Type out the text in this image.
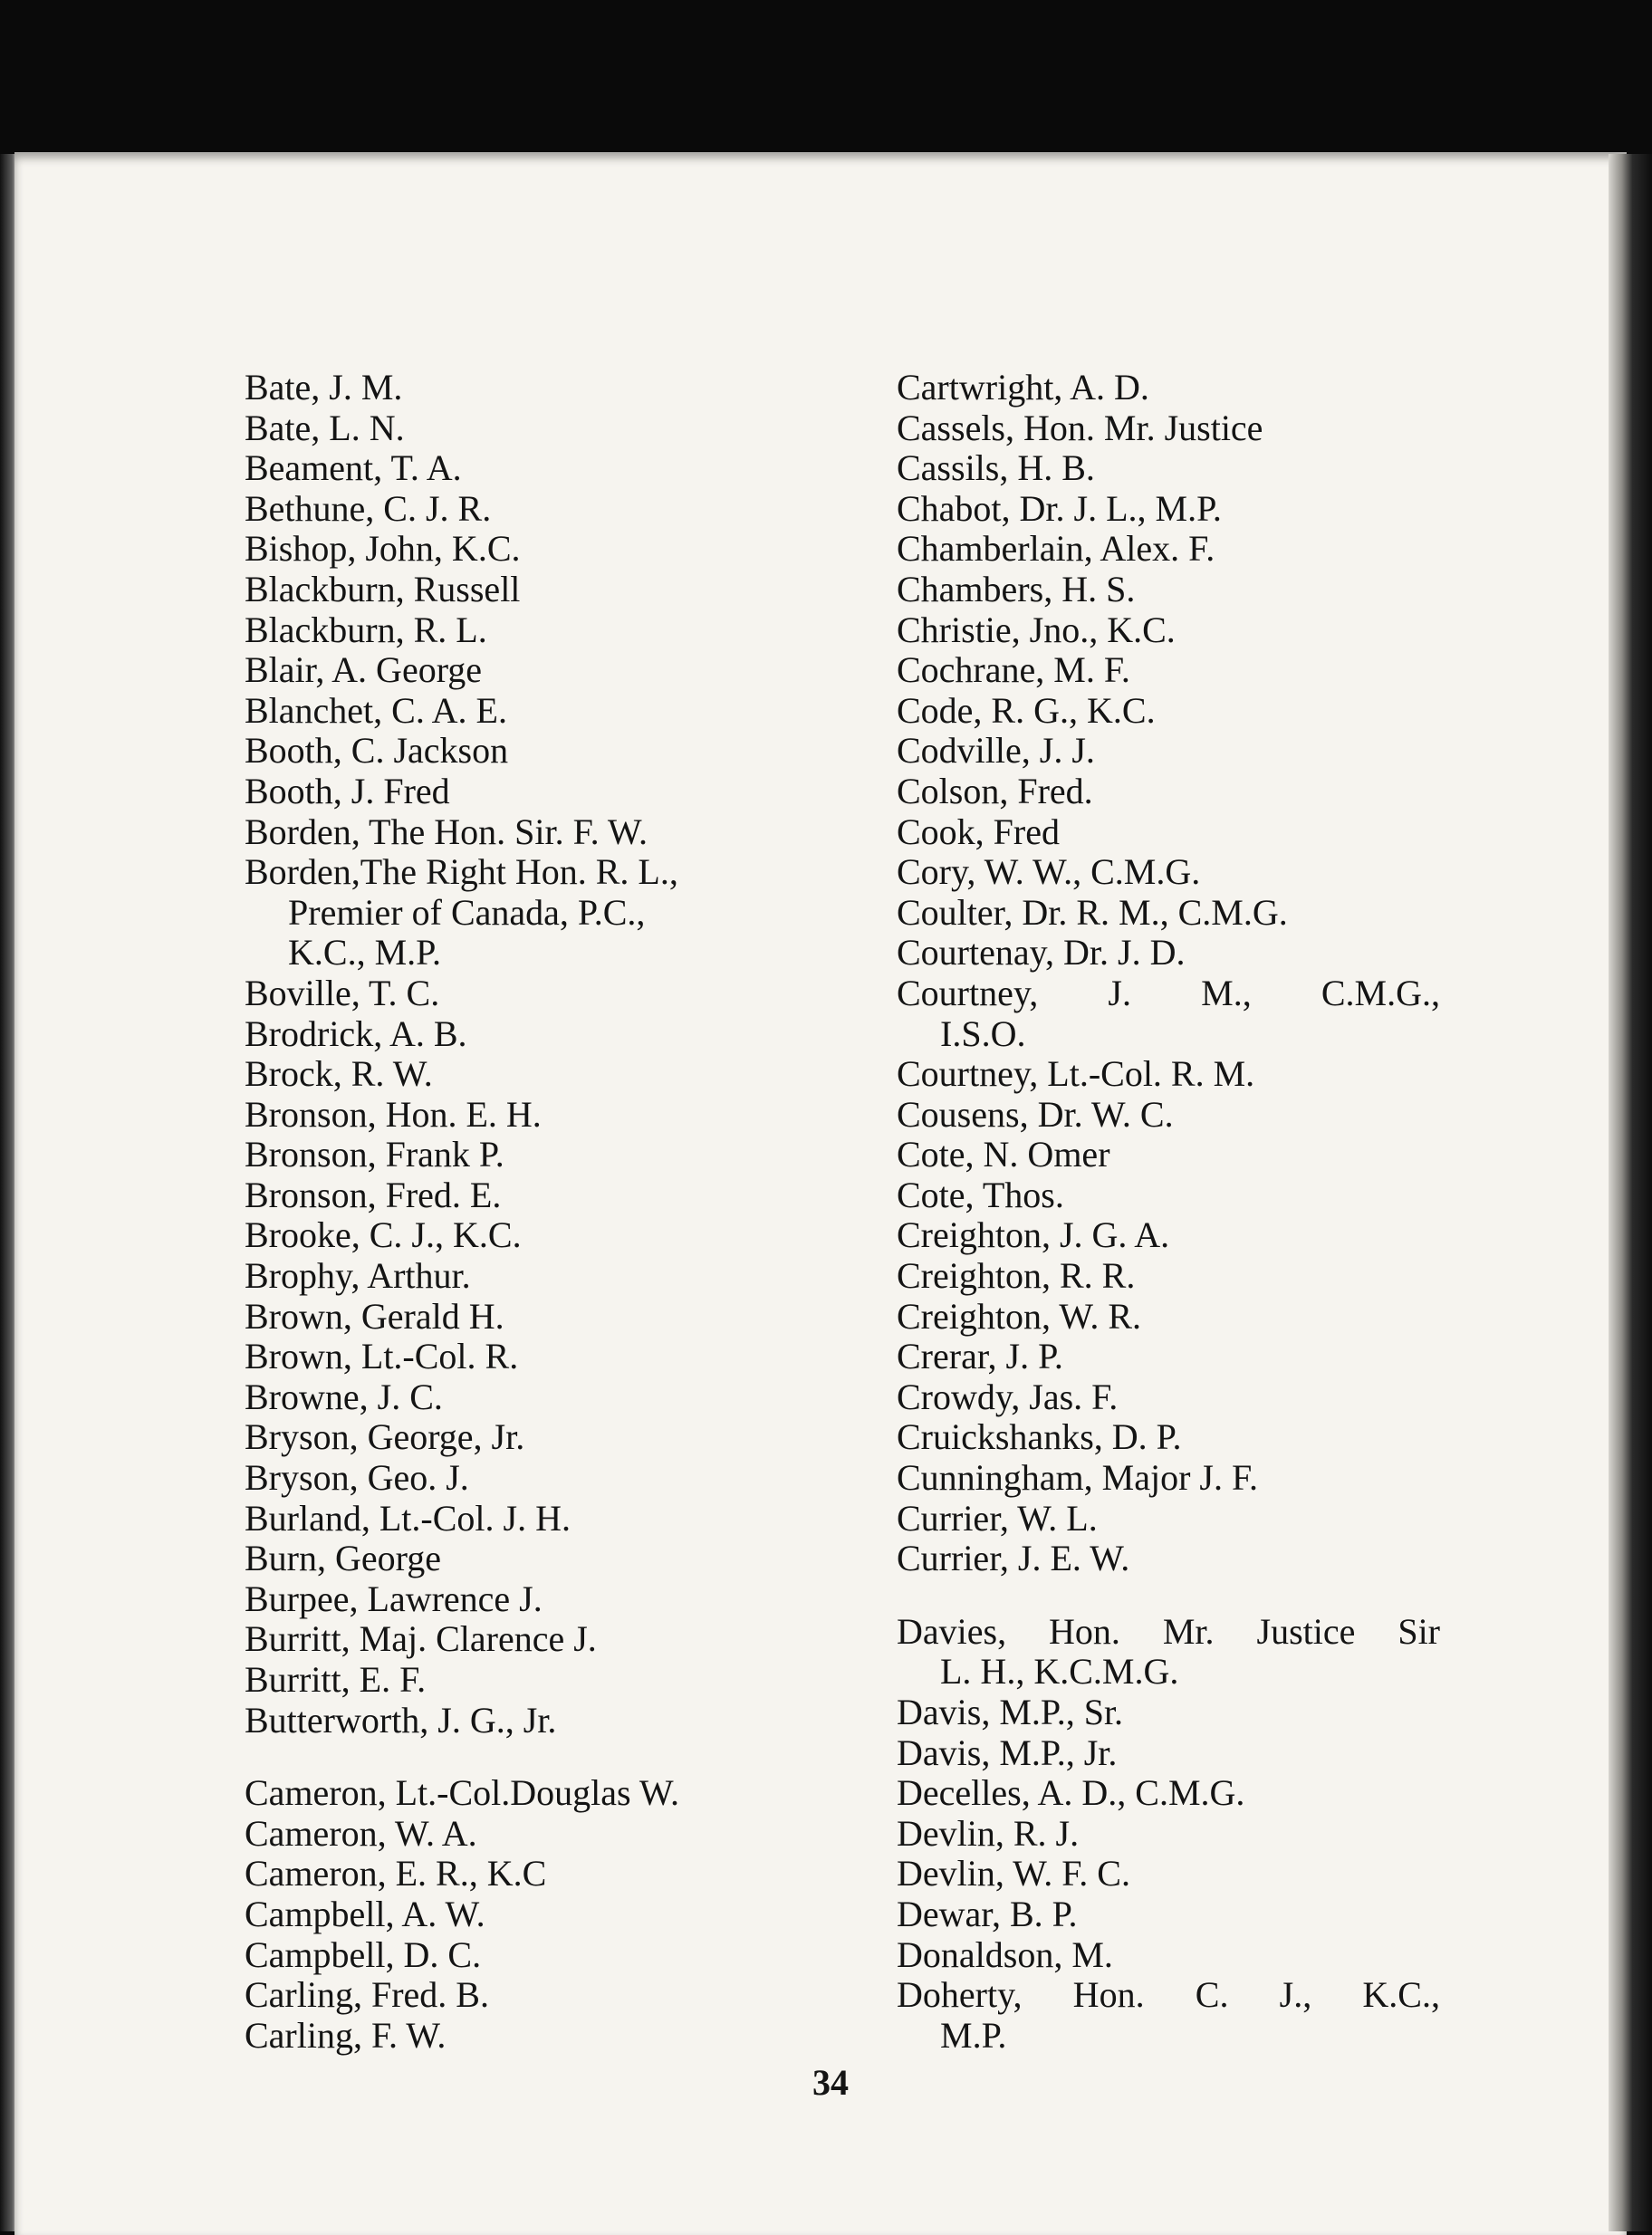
Bate, J. M.
Bate, L. N.
Beament, T. A.
Bethune, C. J. R.
Bishop, John, K.C.
Blackburn, Russell
Blackburn, R. L.
Blair, A. George
Blanchet, C. A. E.
Booth, C. Jackson
Booth, J. Fred
Borden, The Hon. Sir. F. W.
Borden,The Right Hon. R. L.,
Premier of Canada, P.C.,
K.C., M.P.
Boville, T. C.
Brodrick, A. B.
Brock, R. W.
Bronson, Hon. E. H.
Bronson, Frank P.
Bronson, Fred. E.
Brooke, C. J., K.C.
Brophy, Arthur.
Brown, Gerald H.
Brown, Lt.-Col. R.
Browne, J. C.
Bryson, George, Jr.
Bryson, Geo. J.
Burland, Lt.-Col. J. H.
Burn, George
Burpee, Lawrence J.
Burritt, Maj. Clarence J.
Burritt, E. F.
Butterworth, J. G., Jr.
Cameron, Lt.-Col.Douglas W.
Cameron, W. A.
Cameron, E. R., K.C
Campbell, A. W.
Campbell, D. C.
Carling, Fred. B.
Carling, F. W.
Cartwright, A. D.
Cassels, Hon. Mr. Justice
Cassils, H. B.
Chabot, Dr. J. L., M.P.
Chamberlain, Alex. F.
Chambers, H. S.
Christie, Jno., K.C.
Cochrane, M. F.
Code, R. G., K.C.
Codville, J. J.
Colson, Fred.
Cook, Fred
Cory, W. W., C.M.G.
Coulter, Dr. R. M., C.M.G.
Courtenay, Dr. J. D.
Courtney, J. M., C.M.G.,
I.S.O.
Courtney, Lt.-Col. R. M.
Cousens, Dr. W. C.
Cote, N. Omer
Cote, Thos.
Creighton, J. G. A.
Creighton, R. R.
Creighton, W. R.
Crerar, J. P.
Crowdy, Jas. F.
Cruickshanks, D. P.
Cunningham, Major J. F.
Currier, W. L.
Currier, J. E. W.
Davies, Hon. Mr. Justice Sir
L. H., K.C.M.G.
Davis, M.P., Sr.
Davis, M.P., Jr.
Decelles, A. D., C.M.G.
Devlin, R. J.
Devlin, W. F. C.
Dewar, B. P.
Donaldson, M.
Doherty, Hon. C. J., K.C.,
M.P.
34
